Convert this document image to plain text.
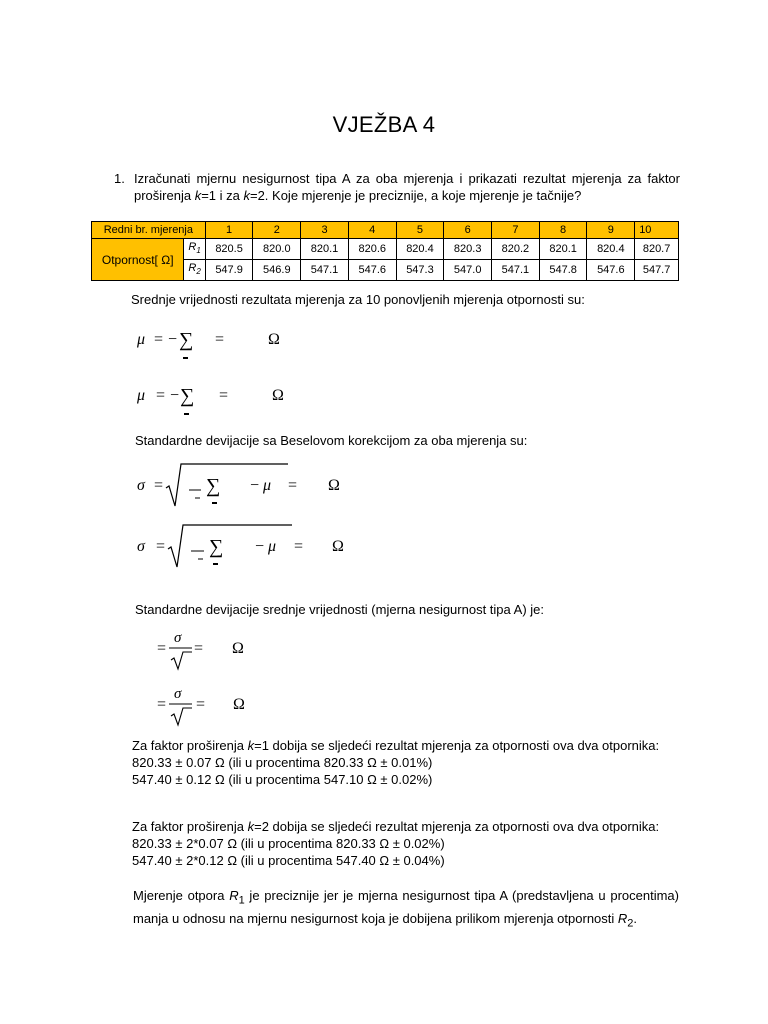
VJEŽBA 4
1. Izračunati mjernu nesigurnost tipa A za oba mjerenja i prikazati rezultat mjerenja za faktor
proširenja k=1 i za k=2. Koje mjerenje je preciznije, a koje mjerenje je tačnije?
Redni br. mjerenja		1	2	3	4	5	6	7	8	9	10
Otpornost[ Ω]	$R_1$	820.5	820.0	820.1	820.6	820.4	820.3	820.2	820.1	820.4	820.7
	$R_2$	547.9	546.9	547.1	547.6	547.3	547.0	547.1	547.8	547.6	547.7
Srednje vrijednosti rezultata mjerenja za 10 ponovljenih mjerenja otpornosti su:
μ = − ∑ =	Ω
μ = − ∑ =	Ω
Standardne devijacije sa Beselovom korekcijom za oba mjerenja su:
σ = ∑ − μ = Ω
σ = ∑ − μ = Ω
Standardne devijacije srednje vrijednosti (mjerna nesigurnost tipa A) je:
=
σ
= Ω
=
σ
= Ω
Za faktor proširenja k=1 dobija se sljedeći rezultat mjerenja za otpornosti ova dva otpornika:
820.33 ± 0.07 Ω (ili u procentima 820.33 Ω ± 0.01%)
547.40 ± 0.12 Ω (ili u procentima 547.10 Ω ± 0.02%)
Za faktor proširenja k=2 dobija se sljedeći rezultat mjerenja za otpornosti ova dva otpornika:
820.33 ± 2*0.07 Ω (ili u procentima 820.33 Ω ± 0.02%)
547.40 ± 2*0.12 Ω (ili u procentima 547.40 Ω ± 0.04%)
Mjerenje otpora $R_1$ je preciznije jer je mjerna nesigurnost tipa A (predstavljena u procentima)
manja u odnosu na mjernu nesigurnost koja je dobijena prilikom mjerenja otpornosti $R_2$.
